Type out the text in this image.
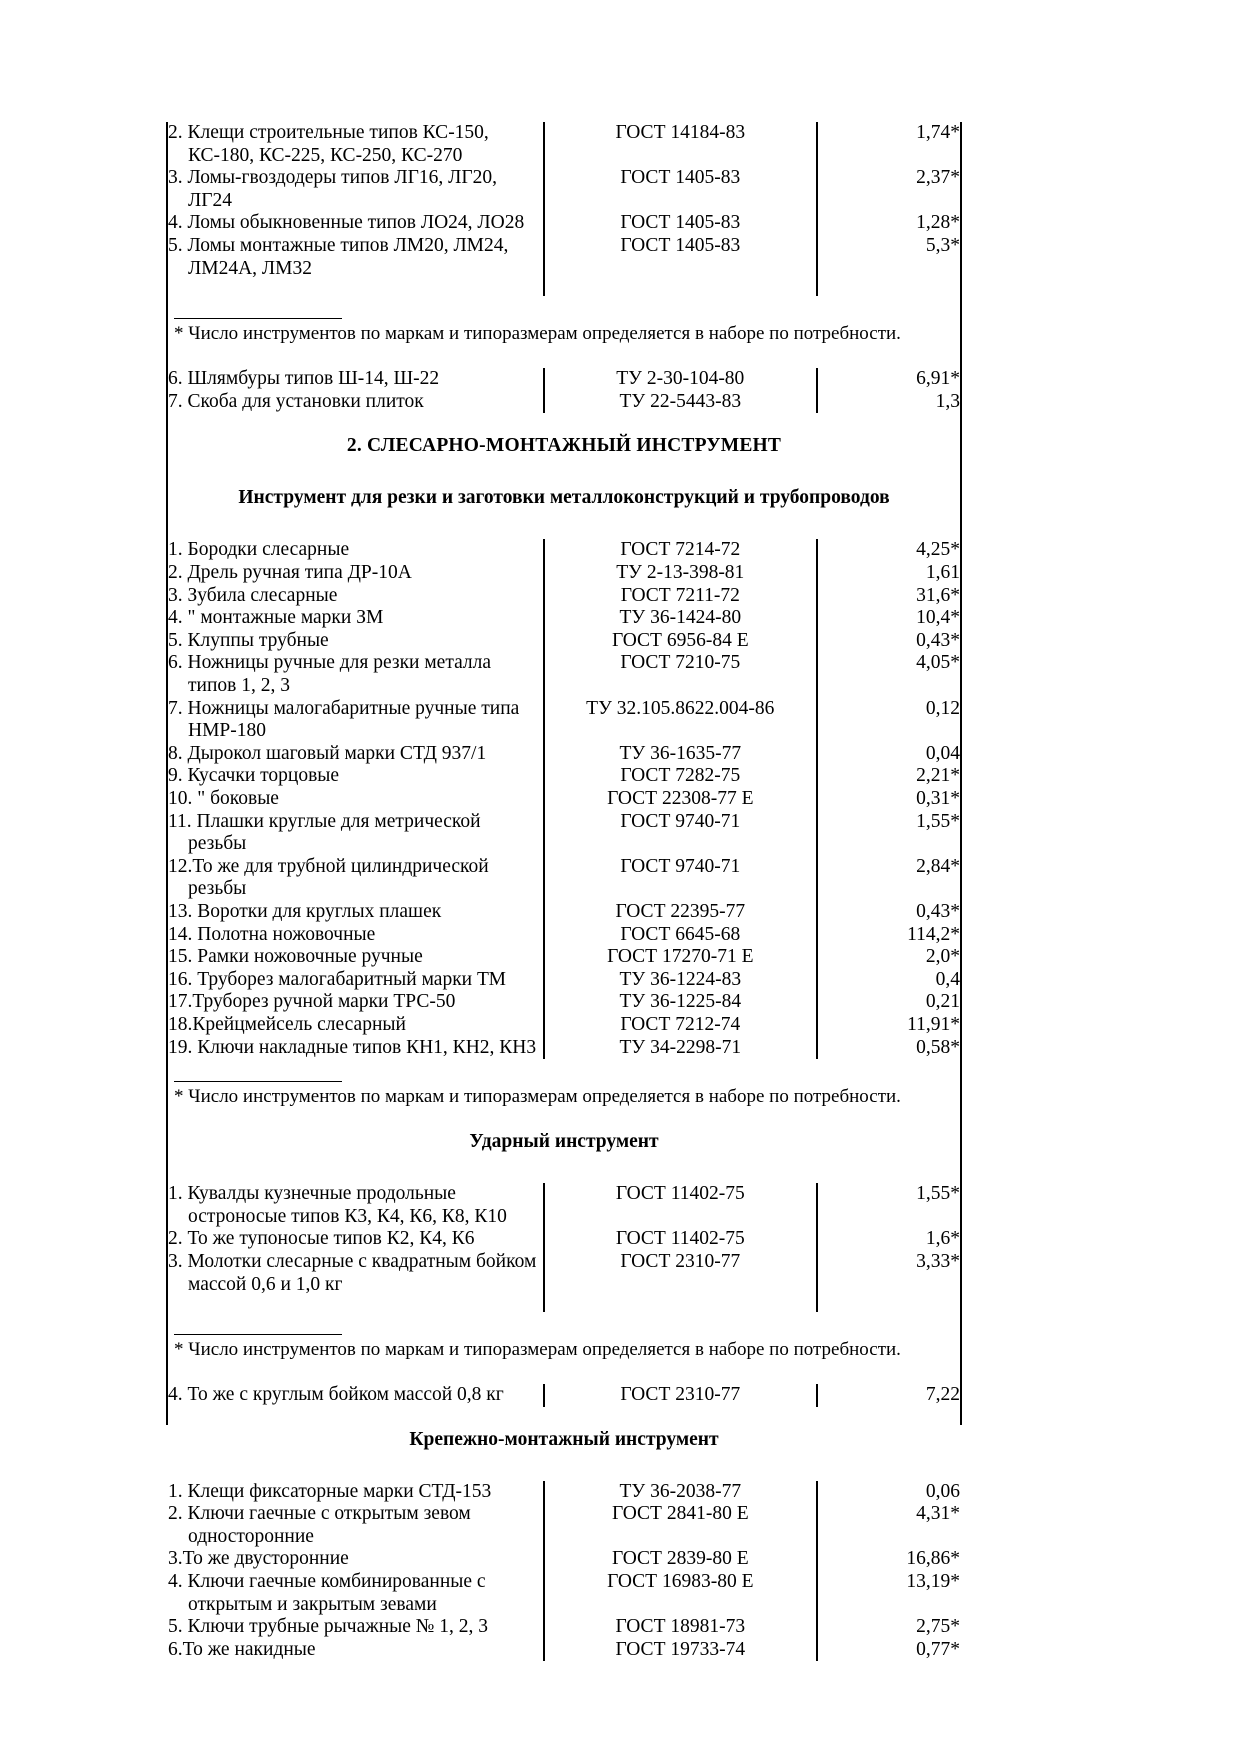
2. Клещи строительные типов КС-150, КС-180, КС-225, КС-250, КС-270	ГОСТ 14184-83	1,74*

3. Ломы-гвоздодеры типов ЛГ16, ЛГ20, ЛГ24	ГОСТ 1405-83	2,37*

4. Ломы обыкновенные типов ЛО24, ЛО28	ГОСТ 1405-83	1,28*

5. Ломы монтажные типов ЛМ20, ЛМ24, ЛМ24А, ЛМ32	ГОСТ 1405-83	5,3*

* Число инструментов по маркам и типоразмерам определяется в наборе по потребности.
6. Шлямбуры типов Ш-14, Ш-22	ТУ 2-30-104-80	6,91*

7. Скоба для установки плиток	ТУ 22-5443-83	1,3
2. СЛЕСАРНО-МОНТАЖНЫЙ ИНСТРУМЕНТ
Инструмент для резки и заготовки металлоконструкций и трубопроводов
1. Бородки слесарные	ГОСТ 7214-72	4,25*

2. Дрель ручная типа ДР-10А	ТУ 2-13-398-81	1,61

3. Зубила слесарные	ГОСТ 7211-72	31,6*

4. " монтажные марки ЗМ	ТУ 36-1424-80	10,4*

5. Клуппы трубные	ГОСТ 6956-84 Е	0,43*

6. Ножницы ручные для резки металла типов 1, 2, 3	ГОСТ 7210-75	4,05*

7. Ножницы малогабаритные ручные типа НМР-180	ТУ 32.105.8622.004-86	0,12

8. Дырокол шаговый марки СТД 937/1	ТУ 36-1635-77	0,04

9. Кусачки торцовые	ГОСТ 7282-75	2,21*

10. " боковые	ГОСТ 22308-77 Е	0,31*

11. Плашки круглые для метрической резьбы	ГОСТ 9740-71	1,55*

12.То же для трубной цилиндрической резьбы	ГОСТ 9740-71	2,84*

13. Воротки для круглых плашек	ГОСТ 22395-77	0,43*

14. Полотна ножовочные	ГОСТ 6645-68	114,2*

15. Рамки ножовочные ручные	ГОСТ 17270-71 Е	2,0*

16. Труборез малогабаритный марки ТМ	ТУ 36-1224-83	0,4

17.Труборез ручной марки ТРС-50	ТУ 36-1225-84	0,21

18.Крейцмейсель слесарный	ГОСТ 7212-74	11,91*

19. Ключи накладные типов КН1, КН2, КН3	ТУ 34-2298-71	0,58*
* Число инструментов по маркам и типоразмерам определяется в наборе по потребности.
Ударный инструмент
1. Кувалды кузнечные продольные остроносые типов К3, К4, К6, К8, К10	ГОСТ 11402-75	1,55*

2. То же тупоносые типов К2, К4, К6	ГОСТ 11402-75	1,6*

3. Молотки слесарные с квадратным бойком массой 0,6 и 1,0 кг	ГОСТ 2310-77	3,33*

* Число инструментов по маркам и типоразмерам определяется в наборе по потребности.
4. То же с круглым бойком массой 0,8 кг	ГОСТ 2310-77	7,22
Крепежно-монтажный инструмент
1. Клещи фиксаторные марки СТД-153	ТУ 36-2038-77	0,06

2. Ключи гаечные с открытым зевом односторонние	ГОСТ 2841-80 Е	4,31*

3.То же двусторонние	ГОСТ 2839-80 Е	16,86*

4. Ключи гаечные комбинированные с открытым и закрытым зевами	ГОСТ 16983-80 Е	13,19*

5. Ключи трубные рычажные № 1, 2, 3	ГОСТ 18981-73	2,75*

6.То же накидные	ГОСТ 19733-74	0,77*
